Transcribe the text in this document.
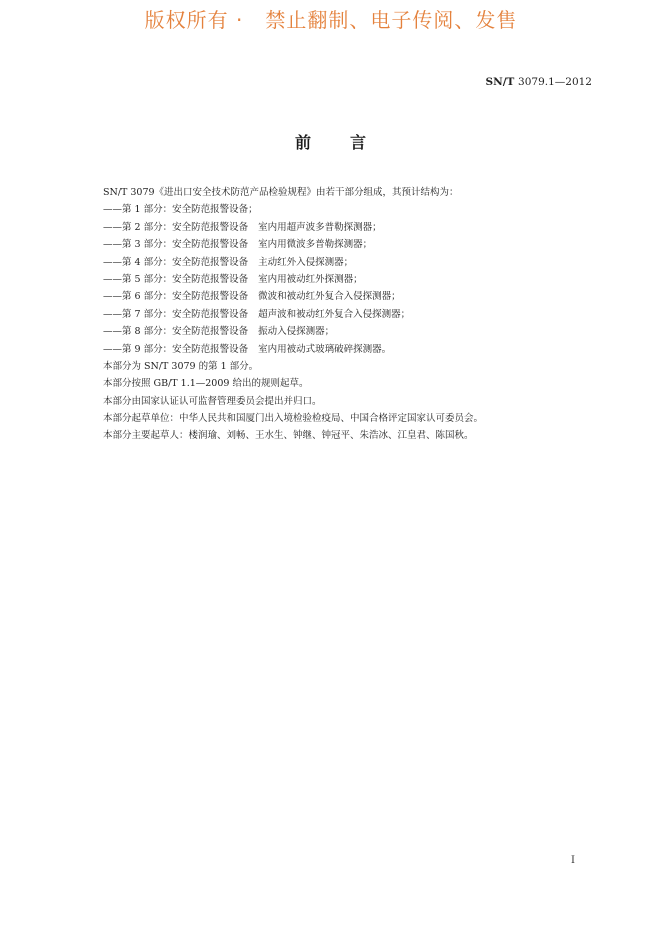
版权所有 · 禁止翻制、电子传阅、发售
SN/T 3079.1—2012
前 言
SN/T 3079《进出口安全技术防范产品检验规程》由若干部分组成，其预计结构为：
——第 1 部分：安全防范报警设备；
——第 2 部分：安全防范报警设备 室内用超声波多普勒探测器；
——第 3 部分：安全防范报警设备 室内用微波多普勒探测器；
——第 4 部分：安全防范报警设备 主动红外入侵探测器；
——第 5 部分：安全防范报警设备 室内用被动红外探测器；
——第 6 部分：安全防范报警设备 微波和被动红外复合入侵探测器；
——第 7 部分：安全防范报警设备 超声波和被动红外复合入侵探测器；
——第 8 部分：安全防范报警设备 振动入侵探测器；
——第 9 部分：安全防范报警设备 室内用被动式玻璃破碎探测器。
本部分为 SN/T 3079 的第 1 部分。
本部分按照 GB/T 1.1—2009 给出的规则起草。
本部分由国家认证认可监督管理委员会提出并归口。
本部分起草单位：中华人民共和国厦门出入境检验检疫局、中国合格评定国家认可委员会。
本部分主要起草人：楼润瑜、刘畅、王水生、钟继、钟冠平、朱浩冰、江皇君、陈国秋。
I
